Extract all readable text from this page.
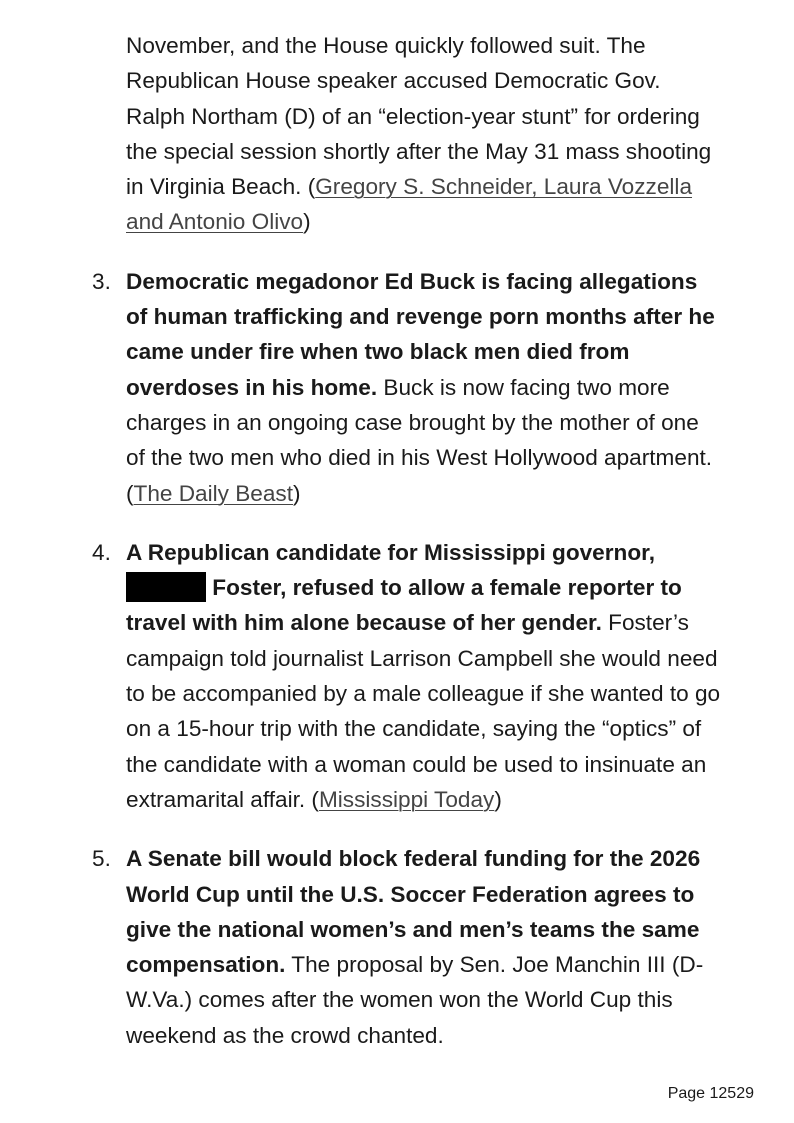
November, and the House quickly followed suit. The Republican House speaker accused Democratic Gov. Ralph Northam (D) of an “election-year stunt” for ordering the special session shortly after the May 31 mass shooting in Virginia Beach. (Gregory S. Schneider, Laura Vozzella and Antonio Olivo)

3. Democratic megadonor Ed Buck is facing allegations of human trafficking and revenge porn months after he came under fire when two black men died from overdoses in his home. Buck is now facing two more charges in an ongoing case brought by the mother of one of the two men who died in his West Hollywood apartment. (The Daily Beast)
4. A Republican candidate for Mississippi governor,  Foster, refused to allow a female reporter to travel with him alone because of her gender. Foster’s campaign told journalist Larrison Campbell she would need to be accompanied by a male colleague if she wanted to go on a 15-hour trip with the candidate, saying the “optics” of the candidate with a woman could be used to insinuate an extramarital affair. (Mississippi Today)
5. A Senate bill would block federal funding for the 2026 World Cup until the U.S. Soccer Federation agrees to give the national women’s and men’s teams the same compensation. The proposal by Sen. Joe Manchin III (D-W.Va.) comes after the women won the World Cup this weekend as the crowd chanted.
Page 12529
